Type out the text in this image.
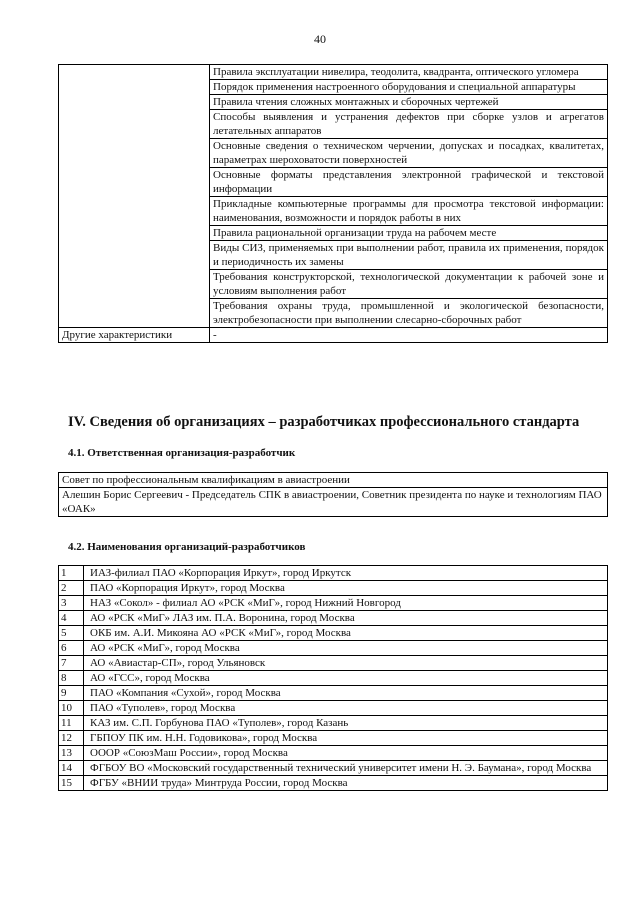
40
	Правила эксплуатации нивелира, теодолита, квадранта, оптического угломера
	Порядок применения настроенного оборудования и специальной аппаратуры
	Правила чтения сложных монтажных и сборочных чертежей
	Способы выявления и устранения дефектов при сборке узлов и агрегатов летательных аппаратов
	Основные сведения о техническом черчении, допусках и посадках, квалитетах, параметрах шероховатости поверхностей
	Основные форматы представления электронной графической и текстовой информации
	Прикладные компьютерные программы для просмотра текстовой информации: наименования, возможности и порядок работы в них
	Правила рациональной организации труда на рабочем месте
	Виды СИЗ, применяемых при выполнении работ, правила их применения, порядок и периодичность их замены
	Требования конструкторской, технологической документации к рабочей зоне и условиям выполнения работ
	Требования охраны труда, промышленной и экологической безопасности, электробезопасности при выполнении слесарно-сборочных работ
Другие характеристики	-
IV. Сведения об организациях – разработчиках профессионального стандарта
4.1. Ответственная организация-разработчик
Совет по профессиональным квалификациям в авиастроении
Алешин Борис Сергеевич - Председатель СПК в авиастроении, Советник президента по науке и технологиям ПАО «ОАК»
4.2. Наименования организаций-разработчиков
1	ИАЗ-филиал ПАО «Корпорация Иркут», город Иркутск
2	ПАО «Корпорация Иркут», город Москва
3	НАЗ «Сокол» - филиал АО «РСК «МиГ», город Нижний Новгород
4	АО «РСК «МиГ» ЛАЗ им. П.А. Воронина, город Москва
5	ОКБ им. А.И. Микояна АО «РСК «МиГ», город Москва
6	АО «РСК «МиГ», город Москва
7	АО «Авиастар-СП», город Ульяновск
8	АО «ГСС», город Москва
9	ПАО «Компания «Сухой», город Москва
10	ПАО «Туполев», город Москва
11	КАЗ им. С.П. Горбунова ПАО «Туполев», город Казань
12	ГБПОУ ПК им. Н.Н. Годовикова», город Москва
13	ОООР «СоюзМаш России», город Москва
14	ФГБОУ ВО «Московский государственный технический университет имени Н. Э. Баумана», город Москва
15	ФГБУ «ВНИИ труда» Минтруда России, город Москва
